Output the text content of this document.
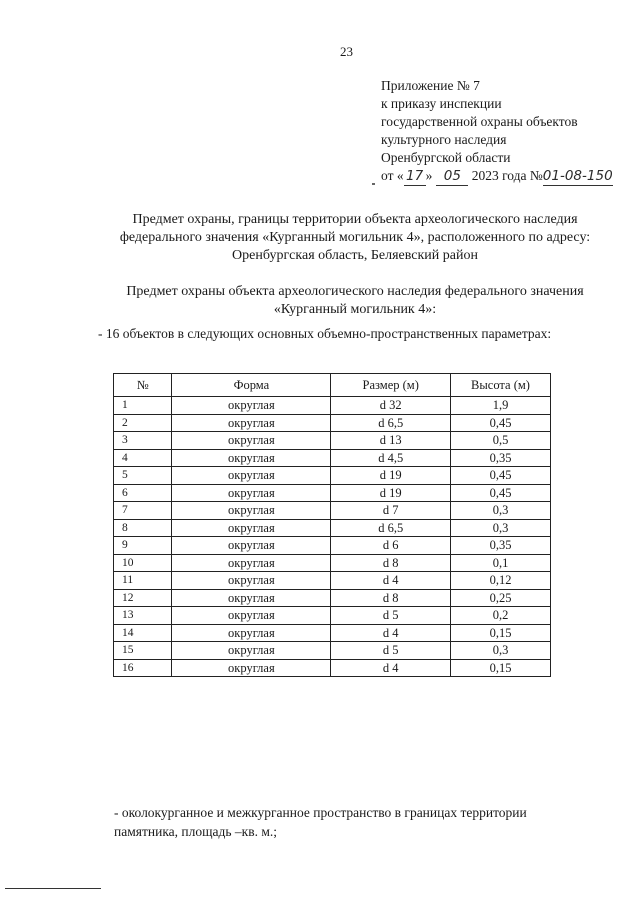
23
Приложение № 7
к приказу инспекции
государственной охраны объектов
культурного наследия
Оренбургской области
от « 17 » 05 2023 года №01-08-150
Предмет охраны, границы территории объекта археологического наследия федерального значения «Курганный могильник 4», расположенного по адресу: Оренбургская область, Беляевский район
Предмет охраны объекта археологического наследия федерального значения «Курганный могильник 4»:
- 16 объектов в следующих основных объемно-пространственных параметрах:
№	Форма	Размер (м)	Высота (м)
1	округлая	d 32	1,9
2	округлая	d 6,5	0,45
3	округлая	d 13	0,5
4	округлая	d 4,5	0,35
5	округлая	d 19	0,45
6	округлая	d 19	0,45
7	округлая	d 7	0,3
8	округлая	d 6,5	0,3
9	округлая	d 6	0,35
10	округлая	d 8	0,1
11	округлая	d 4	0,12
12	округлая	d 8	0,25
13	округлая	d 5	0,2
14	округлая	d 4	0,15
15	округлая	d 5	0,3
16	округлая	d 4	0,15
- околокурганное и межкурганное пространство в границах территории памятника, площадь –кв. м.;
